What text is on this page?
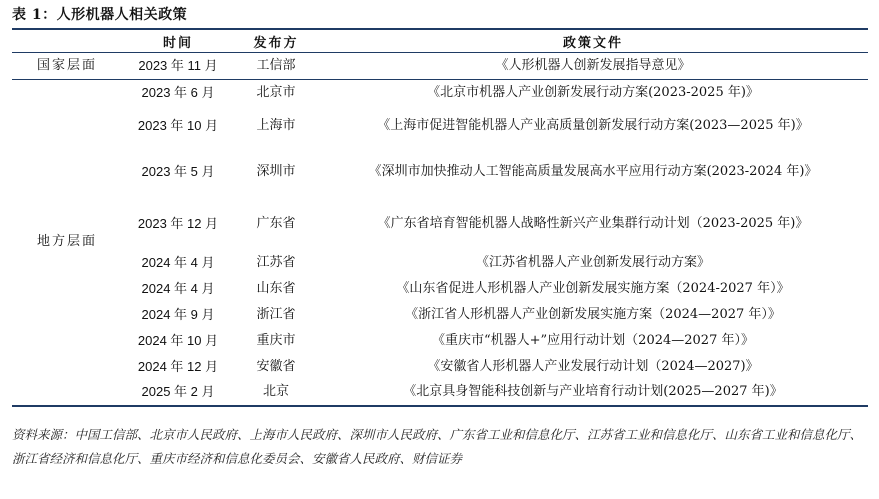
表 1：人形机器人相关政策
	时间	发布方	政策文件
国家层面	2023 年 11 月	工信部	《人形机器人创新发展指导意见》
地方层面	2023 年 6 月	北京市	《北京市机器人产业创新发展行动方案(2023-2025 年)》
	2023 年 10 月	上海市	《上海市促进智能机器人产业高质量创新发展行动方案(2023—2025 年)》
	2023 年 5 月	深圳市	《深圳市加快推动人工智能高质量发展高水平应用行动方案(2023-2024 年)》
	2023 年 12 月	广东省	《广东省培育智能机器人战略性新兴产业集群行动计划（2023-2025 年)》
	2024 年 4 月	江苏省	《江苏省机器人产业创新发展行动方案》
	2024 年 4 月	山东省	《山东省促进人形机器人产业创新发展实施方案（2024-2027 年）》
	2024 年 9 月	浙江省	《浙江省人形机器人产业创新发展实施方案（2024—2027 年）》
	2024 年 10 月	重庆市	《重庆市“机器人+”应用行动计划（2024—2027 年）》
	2024 年 12 月	安徽省	《安徽省人形机器人产业发展行动计划（2024—2027)》
	2025 年 2 月	北京	《北京具身智能科技创新与产业培育行动计划(2025—2027 年)》
资料来源：中国工信部、北京市人民政府、上海市人民政府、深圳市人民政府、广东省工业和信息化厅、江苏省工业和信息化厅、山东省工业和信息化厅、浙江省经济和信息化厅、重庆市经济和信息化委员会、安徽省人民政府、财信证券
